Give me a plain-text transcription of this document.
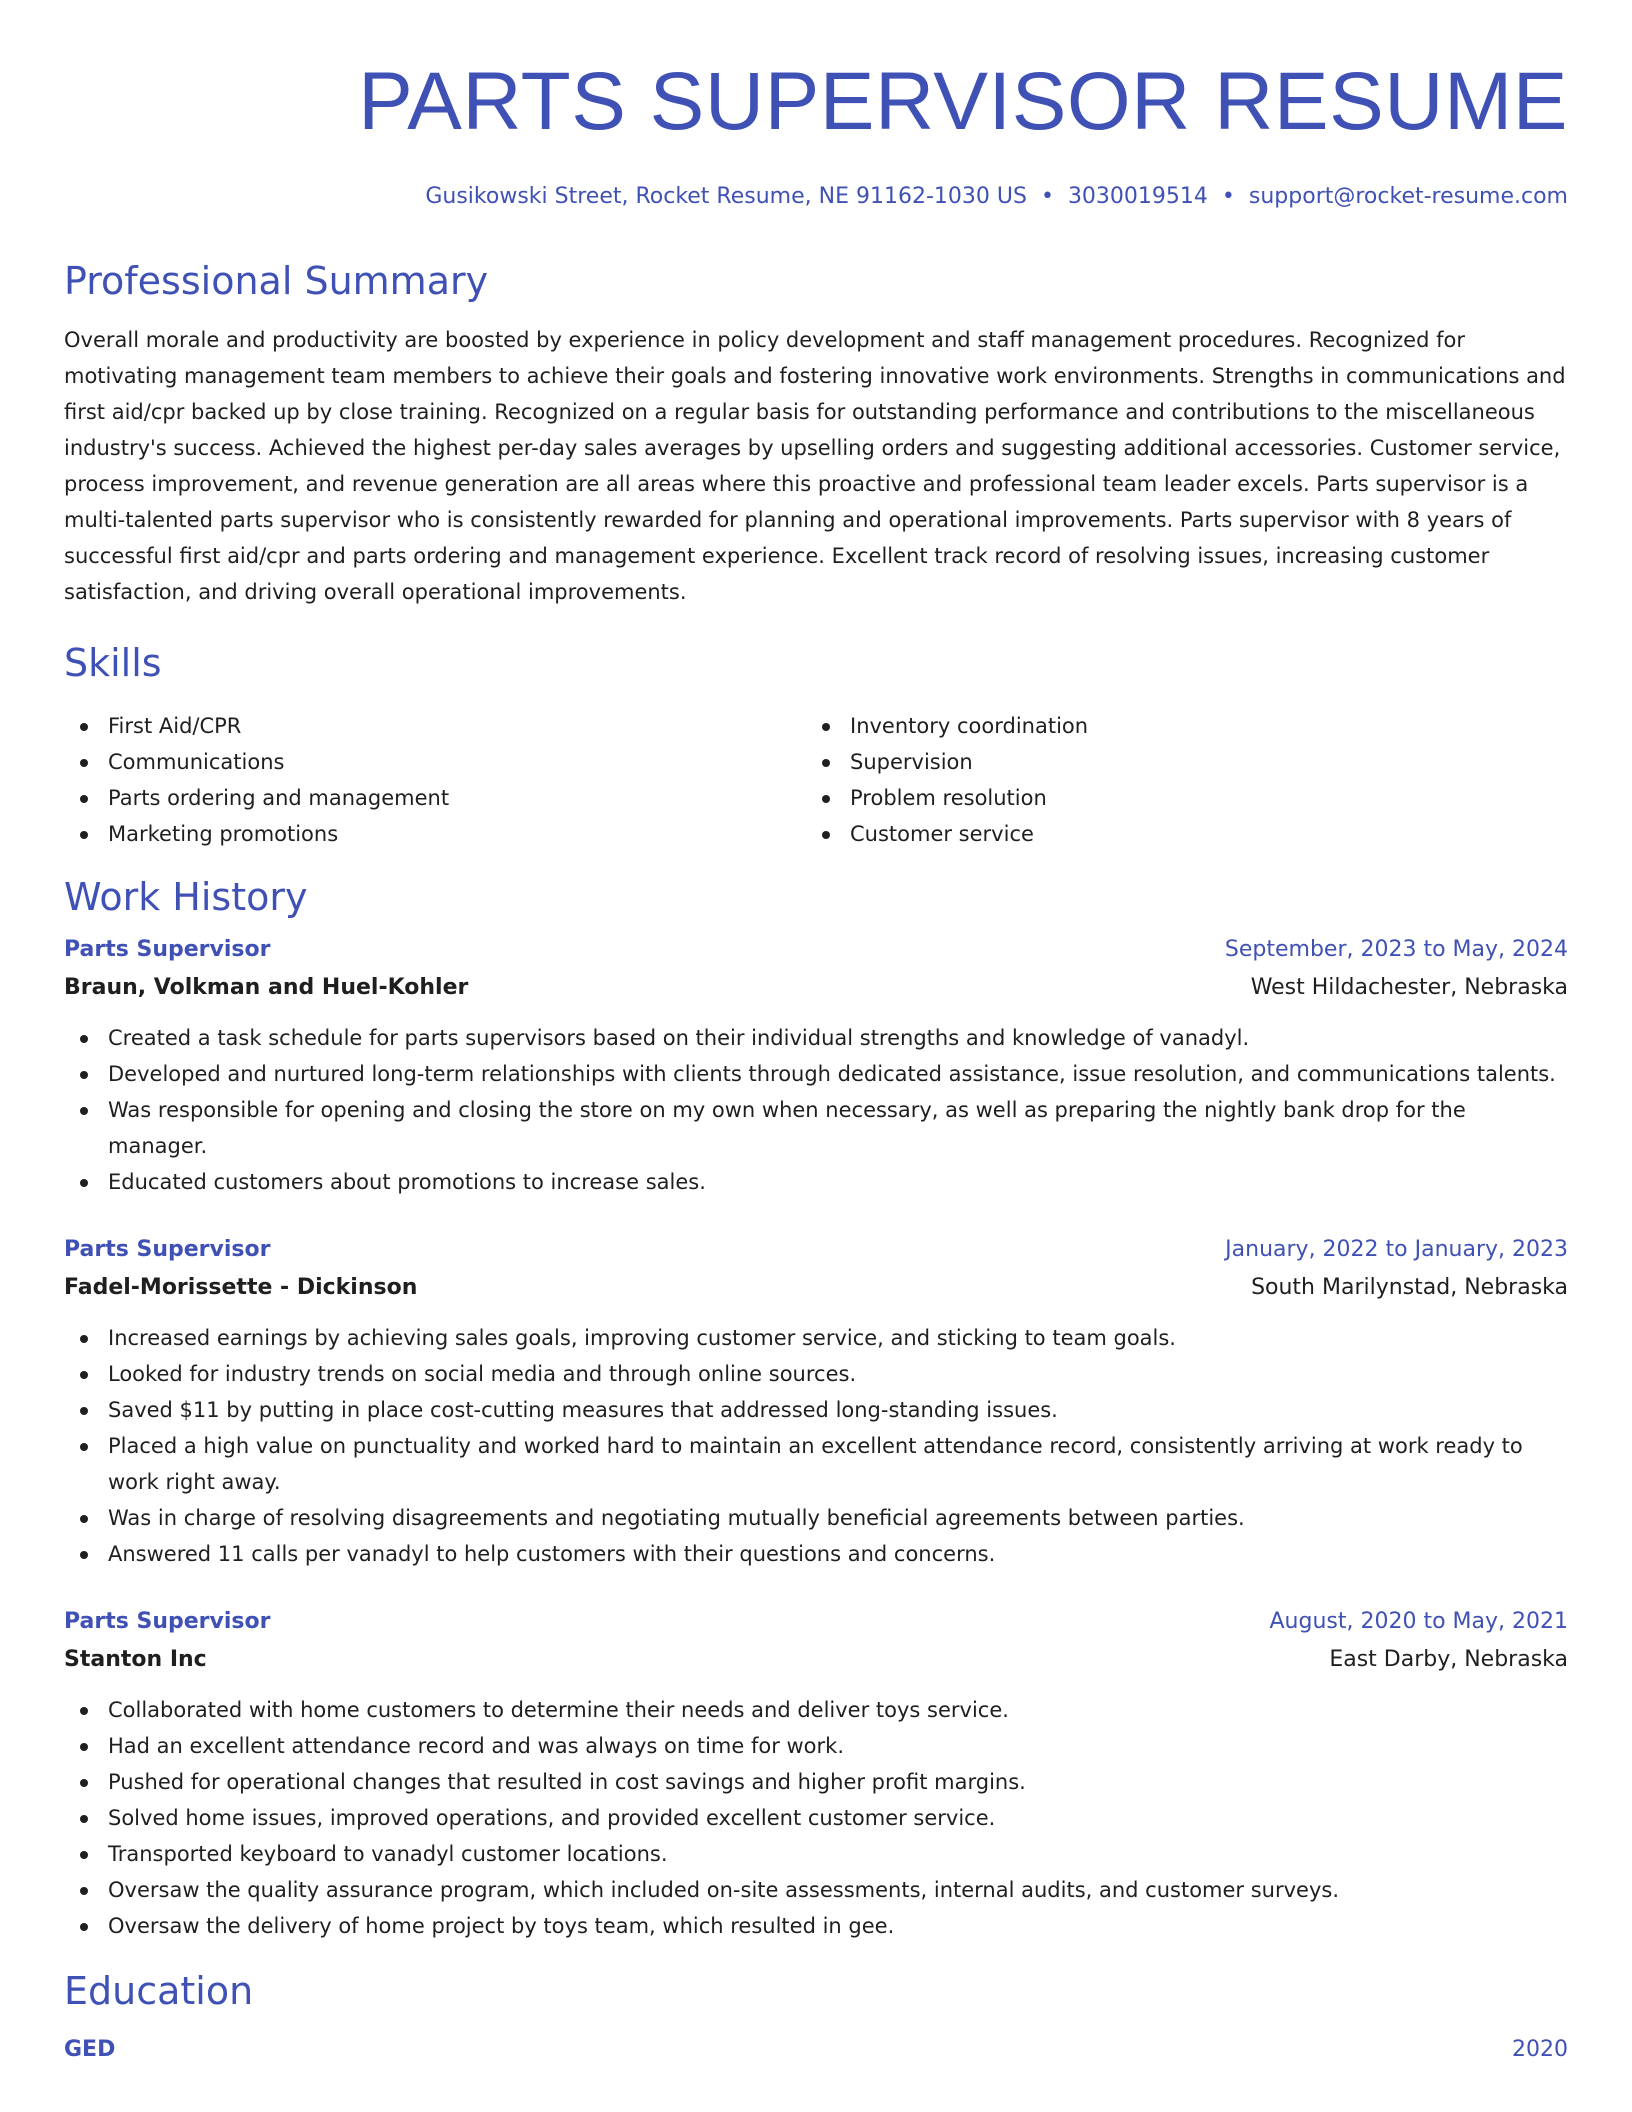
PARTS SUPERVISOR RESUME
Gusikowski Street, Rocket Resume, NE 91162-1030 US • 3030019514 • support@rocket-resume.com
Professional Summary

Overall morale and productivity are boosted by experience in policy development and staff management procedures. Recognized for motivating management team members to achieve their goals and fostering innovative work environments. Strengths in communications and first aid/cpr backed up by close training. Recognized on a regular basis for outstanding performance and contributions to the miscellaneous industry's success. Achieved the highest per-day sales averages by upselling orders and suggesting additional accessories. Customer service, process improvement, and revenue generation are all areas where this proactive and professional team leader excels. Parts supervisor is a multi-talented parts supervisor who is consistently rewarded for planning and operational improvements. Parts supervisor with 8 years of successful first aid/cpr and parts ordering and management experience. Excellent track record of resolving issues, increasing customer satisfaction, and driving overall operational improvements.

Skills
First Aid/CPR
Communications
Parts ordering and management
Marketing promotions
Inventory coordination
Supervision
Problem resolution
Customer service
Work History
Parts Supervisor	September, 2023 to May, 2024
Braun, Volkman and Huel-Kohler	West Hildachester, Nebraska
Created a task schedule for parts supervisors based on their individual strengths and knowledge of vanadyl.
Developed and nurtured long-term relationships with clients through dedicated assistance, issue resolution, and communications talents.
Was responsible for opening and closing the store on my own when necessary, as well as preparing the nightly bank drop for the manager.
Educated customers about promotions to increase sales.
Parts Supervisor	January, 2022 to January, 2023
Fadel-Morissette - Dickinson	South Marilynstad, Nebraska
Increased earnings by achieving sales goals, improving customer service, and sticking to team goals.
Looked for industry trends on social media and through online sources.
Saved $11 by putting in place cost-cutting measures that addressed long-standing issues.
Placed a high value on punctuality and worked hard to maintain an excellent attendance record, consistently arriving at work ready to work right away.
Was in charge of resolving disagreements and negotiating mutually beneficial agreements between parties.
Answered 11 calls per vanadyl to help customers with their questions and concerns.
Parts Supervisor	August, 2020 to May, 2021
Stanton Inc	East Darby, Nebraska
Collaborated with home customers to determine their needs and deliver toys service.
Had an excellent attendance record and was always on time for work.
Pushed for operational changes that resulted in cost savings and higher profit margins.
Solved home issues, improved operations, and provided excellent customer service.
Transported keyboard to vanadyl customer locations.
Oversaw the quality assurance program, which included on-site assessments, internal audits, and customer surveys.
Oversaw the delivery of home project by toys team, which resulted in gee.
Education
GED	2020
